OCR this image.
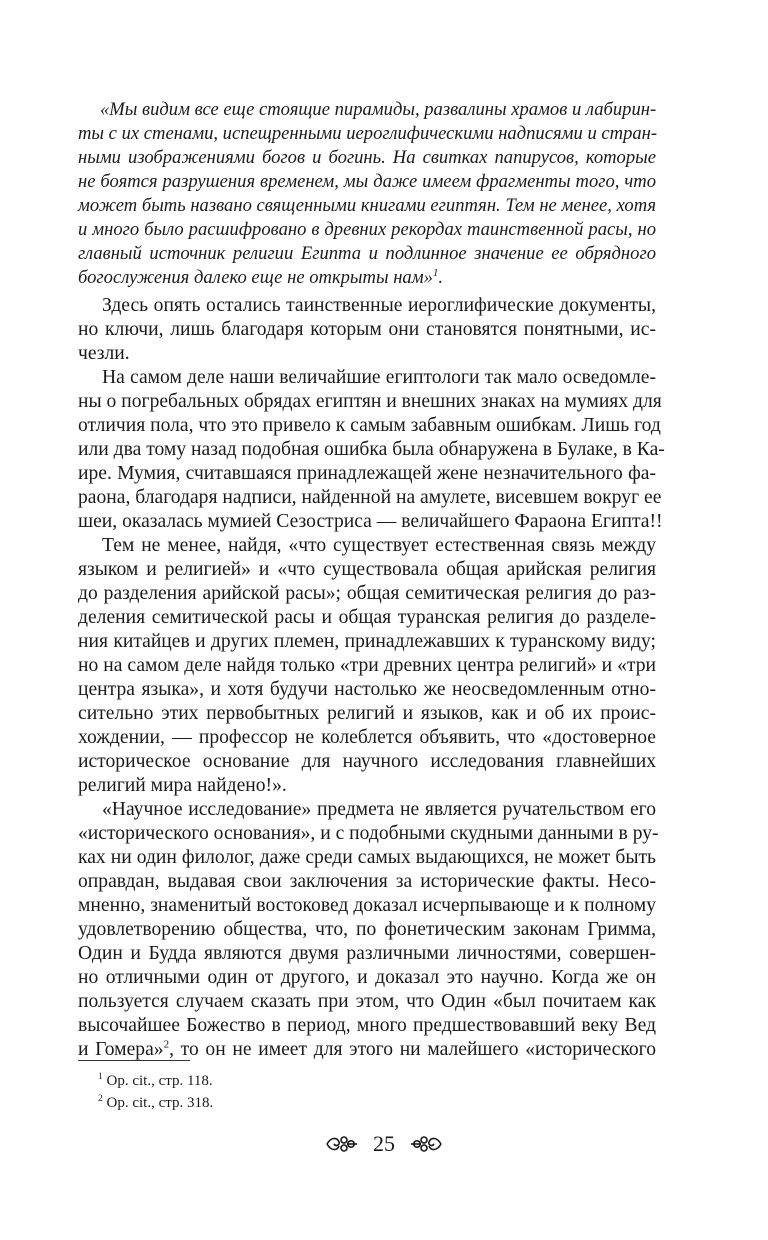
«Мы видим все еще стоящие пирамиды, развалины храмов и лабирин-
ты с их стенами, испещренными иероглифическими надписями и стран-
ными изображениями богов и богинь. На свитках папирусов, которые
не боятся разрушения временем, мы даже имеем фрагменты того, что
может быть названо священными книгами египтян. Тем не менее, хотя
и много было расшифровано в древних рекордах таинственной расы, но
главный источник религии Египта и подлинное значение ее обрядного
богослужения далеко еще не открыты нам»$^1$.
Здесь опять остались таинственные иероглифические документы,
но ключи, лишь благодаря которым они становятся понятными, ис-
чезли.
На самом деле наши величайшие египтологи так мало осведомле-
ны о погребальных обрядах египтян и внешних знаках на мумиях для
отличия пола, что это привело к самым забавным ошибкам. Лишь год
или два тому назад подобная ошибка была обнаружена в Булаке, в Ка-
ире. Мумия, считавшаяся принадлежащей жене незначительного фа-
раона, благодаря надписи, найденной на амулете, висевшем вокруг ее
шеи, оказалась мумией Сезостриса — величайшего Фараона Египта!!
Тем не менее, найдя, «что существует естественная связь между
языком и религией» и «что существовала общая арийская религия
до разделения арийской расы»; общая семитическая религия до раз-
деления семитической расы и общая туранская религия до разделе-
ния китайцев и других племен, принадлежавших к туранскому виду;
но на самом деле найдя только «три древних центра религий» и «три
центра языка», и хотя будучи настолько же неосведомленным отно-
сительно этих первобытных религий и языков, как и об их проис-
хождении, — профессор не колеблется объявить, что «достоверное
историческое основание для научного исследования главнейших
религий мира найдено!».
«Научное исследование» предмета не является ручательством его
«исторического основания», и с подобными скудными данными в ру-
ках ни один филолог, даже среди самых выдающихся, не может быть
оправдан, выдавая свои заключения за исторические факты. Несо-
мненно, знаменитый востоковед доказал исчерпывающе и к полному
удовлетворению общества, что, по фонетическим законам Гримма,
Один и Будда являются двумя различными личностями, совершен-
но отличными один от другого, и доказал это научно. Когда же он
пользуется случаем сказать при этом, что Один «был почитаем как
высочайшее Божество в период, много предшествовавший веку Вед
и Гомера»$^2$, то он не имеет для этого ни малейшего «исторического
$^1$ Op. cit., стр. 118.
$^2$ Op. cit., стр. 318.
25
